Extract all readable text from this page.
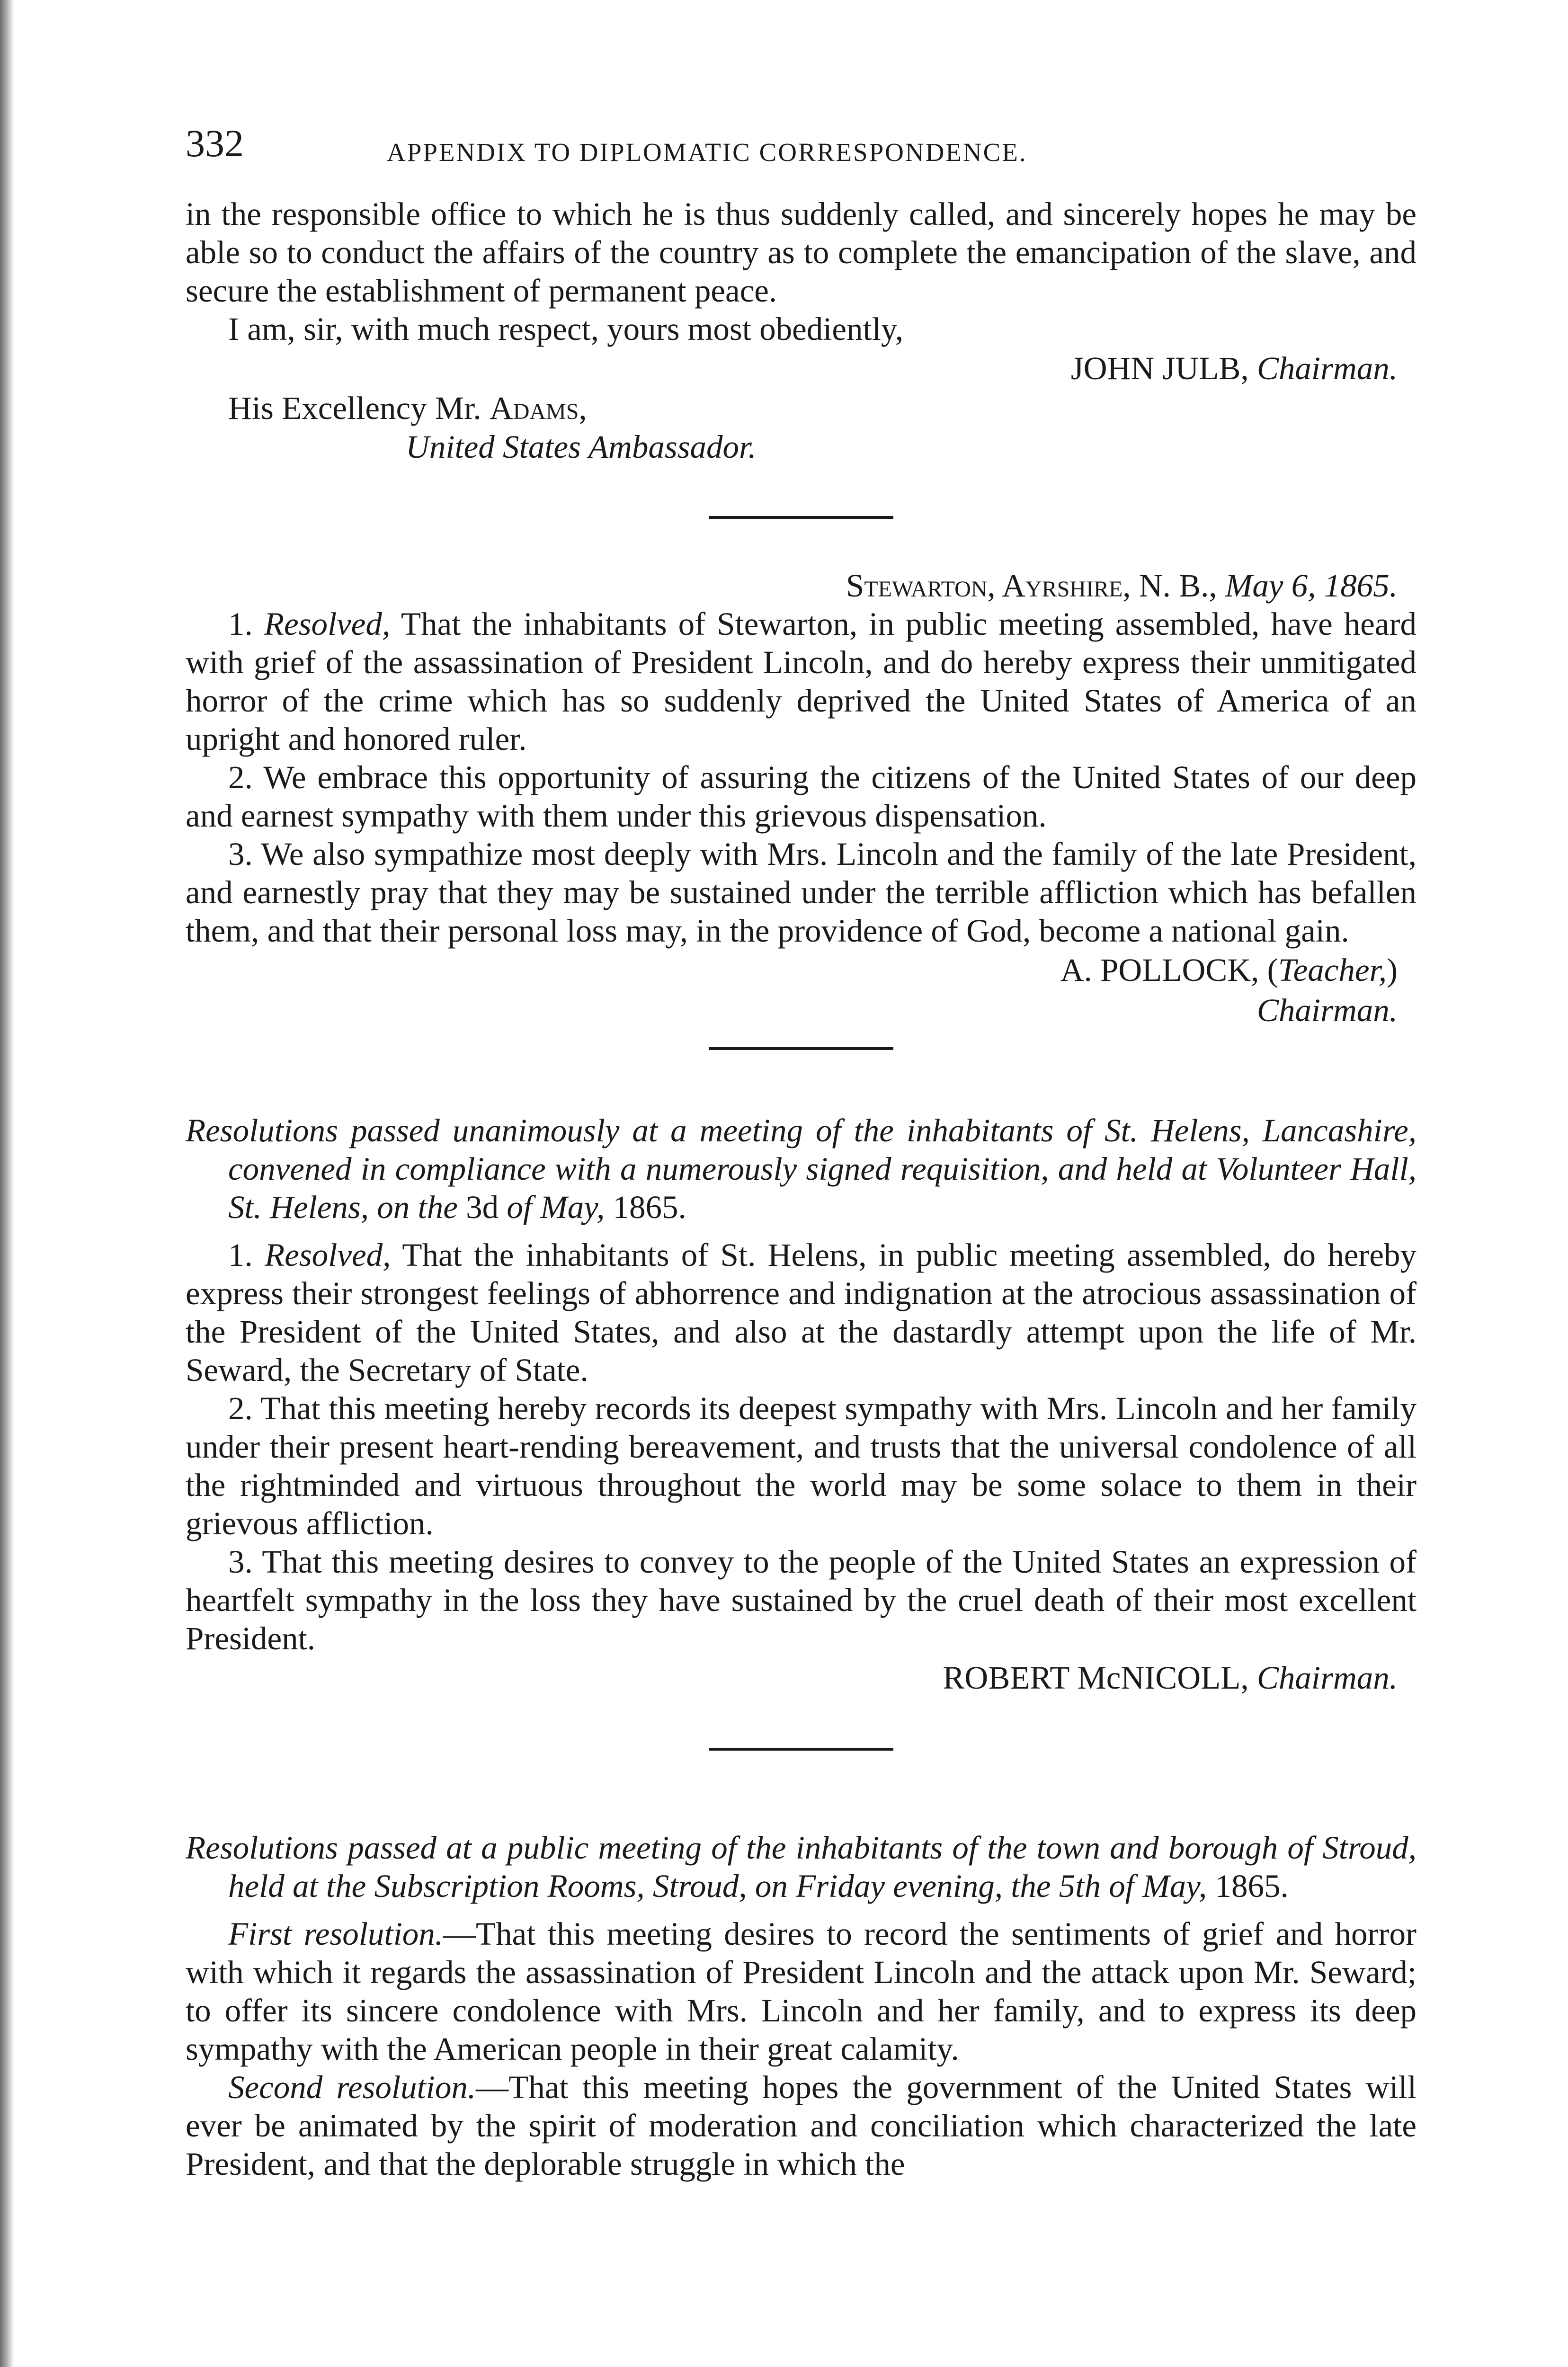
332	APPENDIX TO DIPLOMATIC CORRESPONDENCE.

in the responsible office to which he is thus suddenly called, and sincerely hopes he may be able so to conduct the affairs of the country as to complete the emancipation of the slave, and secure the establishment of permanent peace.

I am, sir, with much respect, yours most obediently,

JOHN JULB, Chairman.
His Excellency Mr. Adams,
United States Ambassador.
Stewarton, Ayrshire, N. B., May 6, 1865.

1. Resolved, That the inhabitants of Stewarton, in public meeting assembled, have heard with grief of the assassination of President Lincoln, and do hereby express their unmitigated horror of the crime which has so suddenly deprived the United States of America of an upright and honored ruler.

2. We embrace this opportunity of assuring the citizens of the United States of our deep and earnest sympathy with them under this grievous dispensation.

3. We also sympathize most deeply with Mrs. Lincoln and the family of the late President, and earnestly pray that they may be sustained under the terrible affliction which has befallen them, and that their personal loss may, in the providence of God, become a national gain.

A. POLLOCK, (Teacher,)
Chairman.

Resolutions passed unanimously at a meeting of the inhabitants of St. Helens, Lancashire, convened in compliance with a numerously signed requisition, and held at Volunteer Hall, St. Helens, on the 3d of May, 1865.

1. Resolved, That the inhabitants of St. Helens, in public meeting assembled, do hereby express their strongest feelings of abhorrence and indignation at the atrocious assassination of the President of the United States, and also at the dastardly attempt upon the life of Mr. Seward, the Secretary of State.

2. That this meeting hereby records its deepest sympathy with Mrs. Lincoln and her family under their present heart-rending bereavement, and trusts that the universal condolence of all the rightminded and virtuous throughout the world may be some solace to them in their grievous affliction.

3. That this meeting desires to convey to the people of the United States an expression of heartfelt sympathy in the loss they have sustained by the cruel death of their most excellent President.

ROBERT McNICOLL, Chairman.

Resolutions passed at a public meeting of the inhabitants of the town and borough of Stroud, held at the Subscription Rooms, Stroud, on Friday evening, the 5th of May, 1865.

First resolution.—That this meeting desires to record the sentiments of grief and horror with which it regards the assassination of President Lincoln and the attack upon Mr. Seward; to offer its sincere condolence with Mrs. Lincoln and her family, and to express its deep sympathy with the American people in their great calamity.

Second resolution.—That this meeting hopes the government of the United States will ever be animated by the spirit of moderation and conciliation which characterized the late President, and that the deplorable struggle in which the
